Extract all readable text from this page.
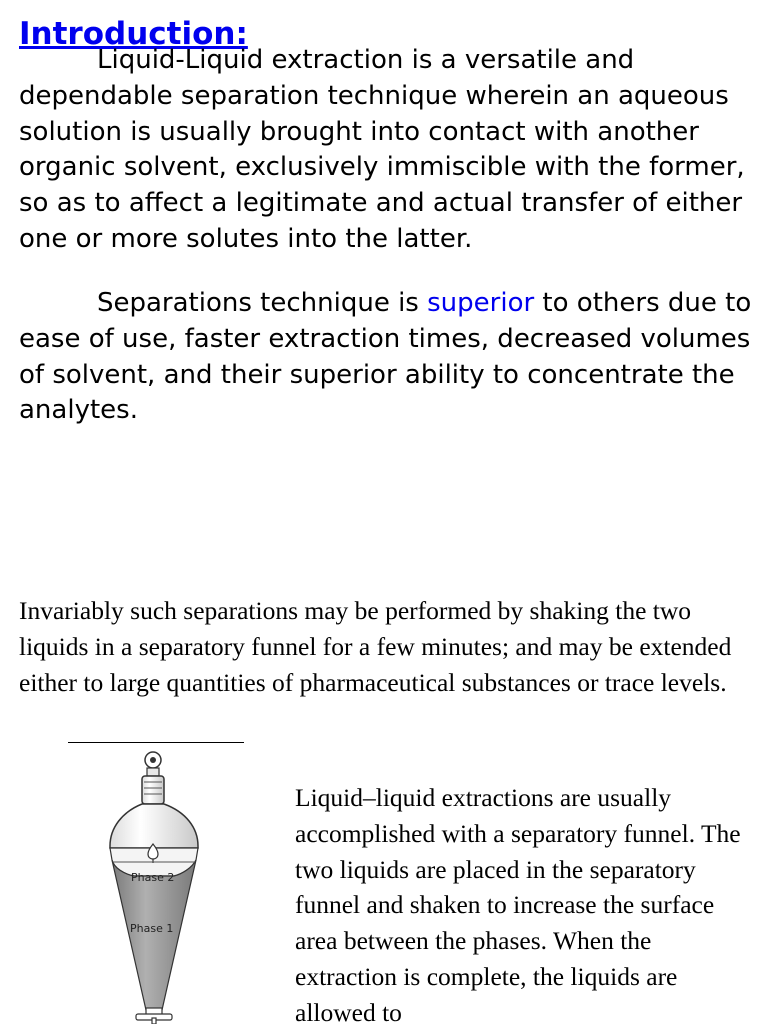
Introduction:

Liquid-Liquid extraction is a versatile and dependable separation technique wherein an aqueous solution is usually brought into contact with another organic solvent, exclusively immiscible with the former, so as to affect a legitimate and actual transfer of either one or more solutes into the latter.

Separations technique is superior to others due to ease of use, faster extraction times, decreased volumes of solvent, and their superior ability to concentrate the analytes.

Invariably such separations may be performed by shaking the two liquids in a separatory funnel for a few minutes; and may be extended either to large quantities of pharmaceutical substances or trace levels.

Phase 2
Phase 1

Liquid–liquid extractions are usually accomplished with a separatory funnel. The two liquids are placed in the separatory funnel and shaken to increase the surface area between the phases. When the extraction is complete, the liquids are allowed to
